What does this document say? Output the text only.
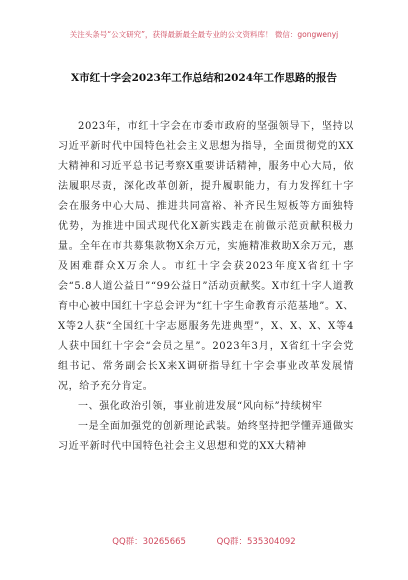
关注头条号“公文研究”，获得最新最全最专业的公文资料库！ 微信：gongwenyj
X市红十字会2023年工作总结和2024年工作思路的报告

2023年，市红十字会在市委市政府的坚强领导下，坚持以习近平新时代中国特色社会主义思想为指导，全面贯彻党的XX大精神和习近平总书记考察X重要讲话精神，服务中心大局，依法履职尽责，深化改革创新，提升履职能力，有力发挥红十字会在服务中心大局、推进共同富裕、补齐民生短板等方面独特优势，为推进中国式现代化X新实践走在前做示范贡献积极力量。全年在市共募集款物X余万元，实施精准救助X余万元，惠及困难群众X万余人。市红十字会获2023年度X省红十字会“5.8人道公益日”“99公益日”活动贡献奖。X市红十字人道教育中心被中国红十字总会评为“红十字生命教育示范基地”。X、X等2人获“全国红十字志愿服务先进典型”，X、X、X、X等4人获中国红十字会“会员之星”。2023年3月，X省红十字会党组书记、常务副会长X来X调研指导红十字会事业改革发展情况，给予充分肯定。

一、强化政治引领，事业前进发展“风向标”持续树牢

一是全面加强党的创新理论武装。始终坚持把学懂弄通做实习近平新时代中国特色社会主义思想和党的XX大精神

QQ群：30265665	QQ群：535304092
